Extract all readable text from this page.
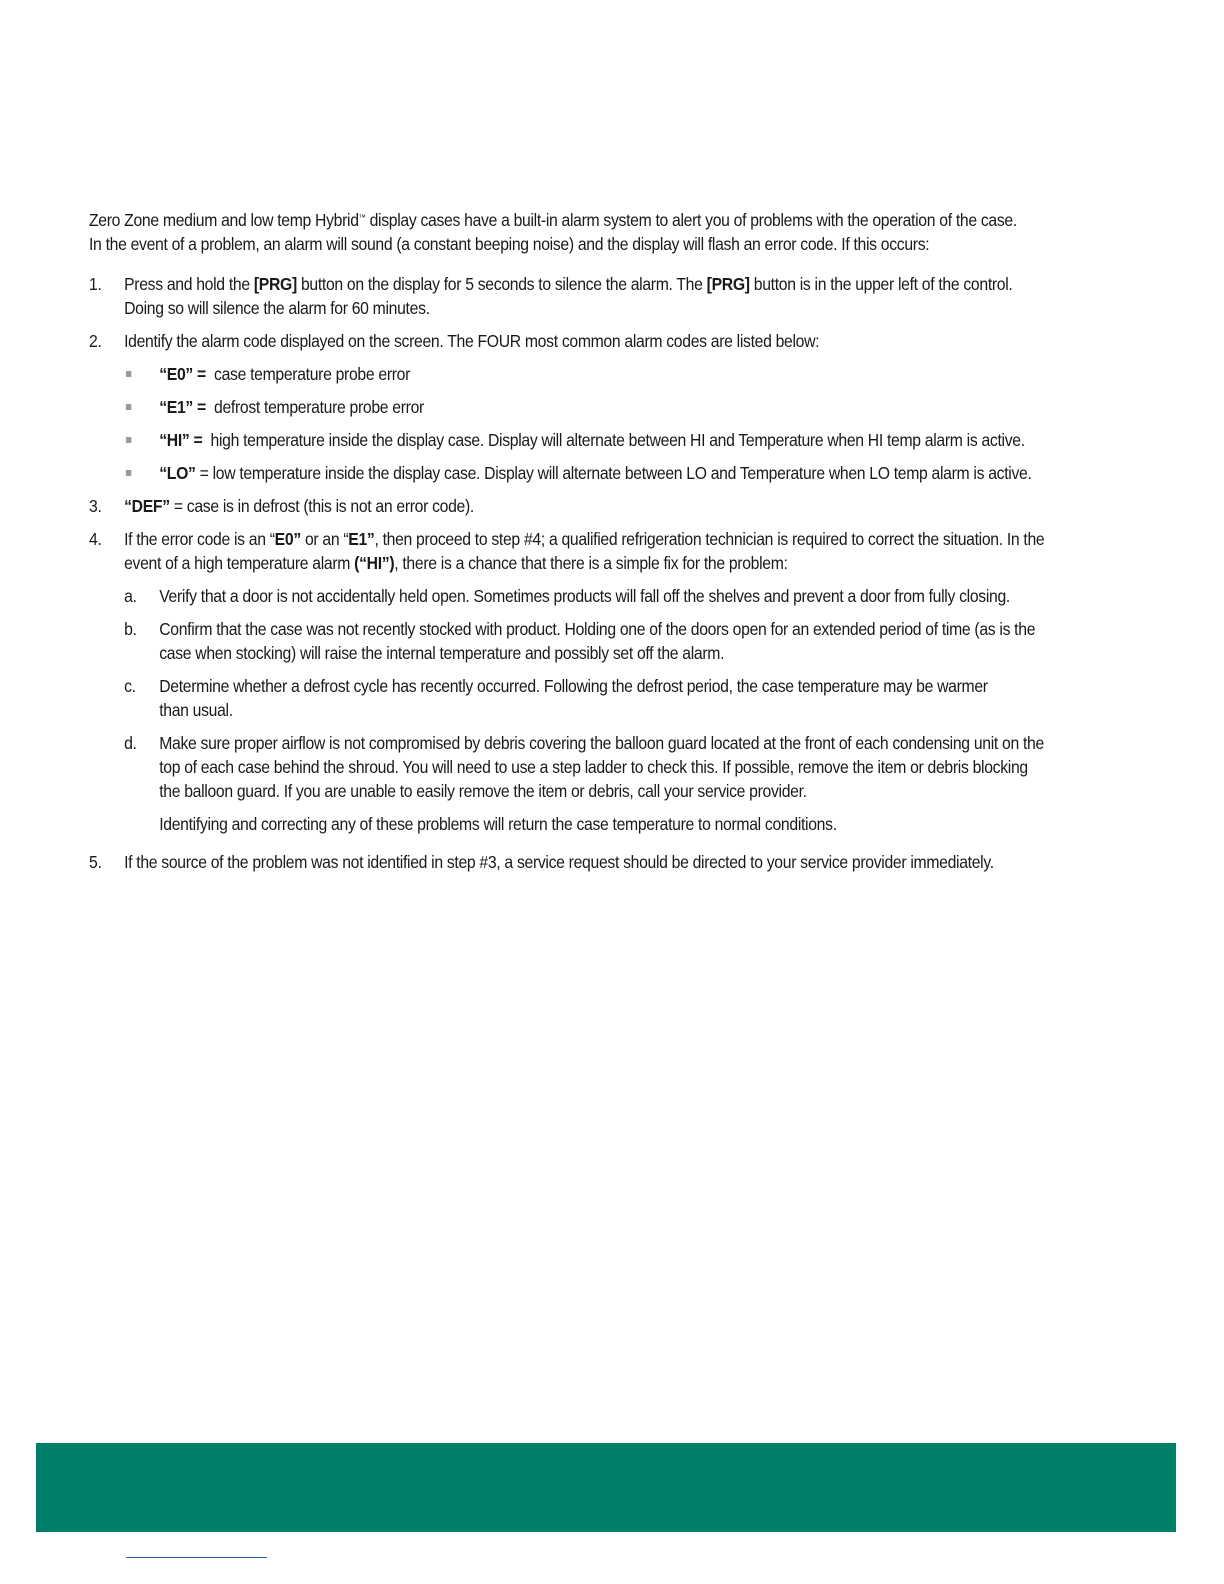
Zero Zone medium and low temp Hybrid™ display cases have a built-in alarm system to alert you of problems with the operation of the case.

In the event of a problem, an alarm will sound (a constant beeping noise) and the display will flash an error code. If this occurs:

1. Press and hold the [PRG] button on the display for 5 seconds to silence the alarm. The [PRG] button is in the upper left of the control.
Doing so will silence the alarm for 60 minutes.
2. Identify the alarm code displayed on the screen. The FOUR most common alarm codes are listed below:
“E0” =  case temperature probe error
“E1” =  defrost temperature probe error
“HI” =  high temperature inside the display case. Display will alternate between HI and Temperature when HI temp alarm is active.
“LO” = low temperature inside the display case. Display will alternate between LO and Temperature when LO temp alarm is active.
3. “DEF” = case is in defrost (this is not an error code).
4. If the error code is an “E0” or an “E1”, then proceed to step #4; a qualified refrigeration technician is required to correct the situation. In the
event of a high temperature alarm (“HI”), there is a chance that there is a simple fix for the problem:
a. Verify that a door is not accidentally held open. Sometimes products will fall off the shelves and prevent a door from fully closing.
b. Confirm that the case was not recently stocked with product. Holding one of the doors open for an extended period of time (as is the
case when stocking) will raise the internal temperature and possibly set off the alarm.
c. Determine whether a defrost cycle has recently occurred. Following the defrost period, the case temperature may be warmer
than usual.
d. Make sure proper airflow is not compromised by debris covering the balloon guard located at the front of each condensing unit on the
top of each case behind the shroud. You will need to use a step ladder to check this. If possible, remove the item or debris blocking
the balloon guard. If you are unable to easily remove the item or debris, call your service provider.
Identifying and correcting any of these problems will return the case temperature to normal conditions.
5. If the source of the problem was not identified in step #3, a service request should be directed to your service provider immediately.
